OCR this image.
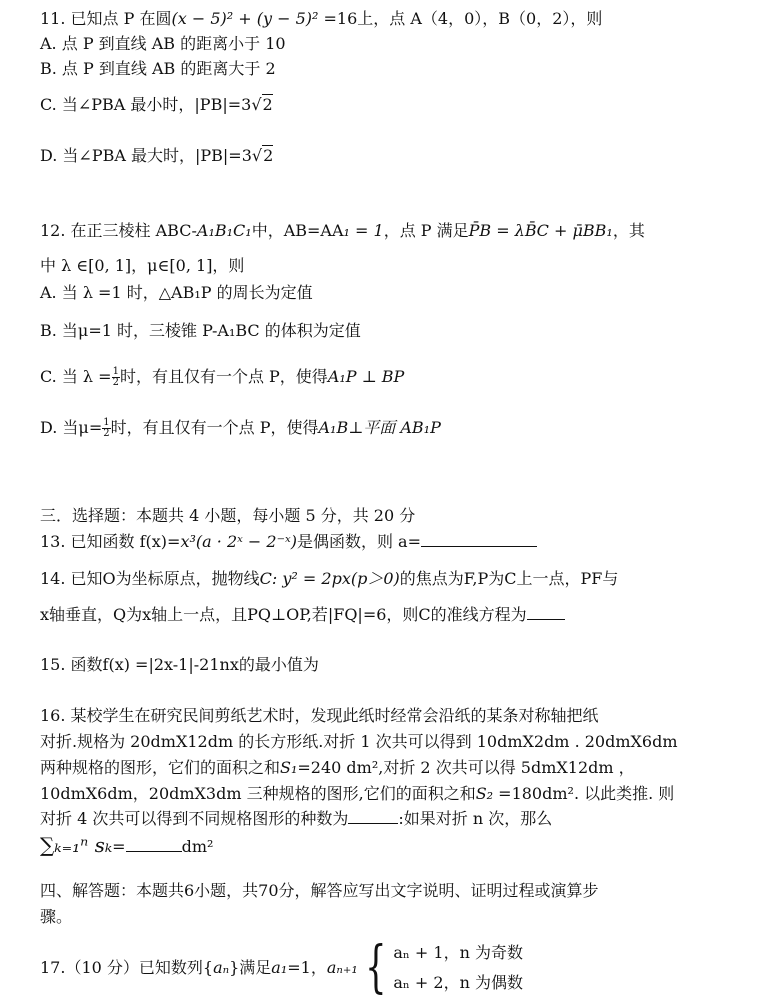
11. 已知点 P 在圆(x − 5)² + (y − 5)² =16上，点 A（4，0），B（0，2），则
A. 点 P 到直线 AB 的距离小于 10
B. 点 P 到直线 AB 的距离大于 2
C. 当∠PBA 最小时，|PB|=3√2
D. 当∠PBA 最大时，|PB|=3√2
12. 在正三棱柱 ABC-A₁B₁C₁中，AB=AA₁ = 1，点 P 满足P̄B = λB̄C + μ̄BB₁，其
中 λ ∈[0, 1]，μ∈[0, 1]，则
A. 当 λ =1 时，△AB₁P 的周长为定值
B. 当μ=1 时，三棱锥 P-A₁BC 的体积为定值
C. 当 $\lambda = \frac{1}{2}$ 时，有且仅有一个点 P，使得A₁P ⊥ BP
D. 当$\mu= \frac{1}{2}$ 时，有且仅有一个点 P，使得A₁B⊥平面 AB₁P
三．选择题：本题共 4 小题，每小题 5 分，共 20 分
13. 已知函数 f(x)=x³(a · 2ˣ − 2⁻ˣ)是偶函数，则 a=
14. 已知O为坐标原点，抛物线C: y² = 2px(p＞0)的焦点为F,P为C上一点，PF与
x轴垂直，Q为x轴上一点，且PQ⊥OP,若|FQ|=6，则C的准线方程为
15. 函数f(x) =|2x-1|-21nx的最小值为
16. 某校学生在研究民间剪纸艺术时，发现此纸时经常会沿纸的某条对称轴把纸
对折.规格为 20dmX12dm 的长方形纸.对折 1 次共可以得到 10dmX2dm . 20dmX6dm
两种规格的图形，它们的面积之和S₁=240 dm²,对折 2 次共可以得 5dmX12dm ，
10dmX6dm，20dmX3dm 三种规格的图形,它们的面积之和S₂ =180dm². 以此类推. 则
对折 4 次共可以得到不同规格图形的种数为	:如果对折 n 次，那么
∑ₖ₌₁ⁿ sₖ=	dm²
四、解答题：本题共6小题，共70分，解答应写出文字说明、证明过程或演算步
骤。
17.（10 分）已知数列{ aₙ }满足 a₁ =1， aₙ₊₁ { aₙ + 1，n 为奇数
aₙ + 2，n 为偶数
